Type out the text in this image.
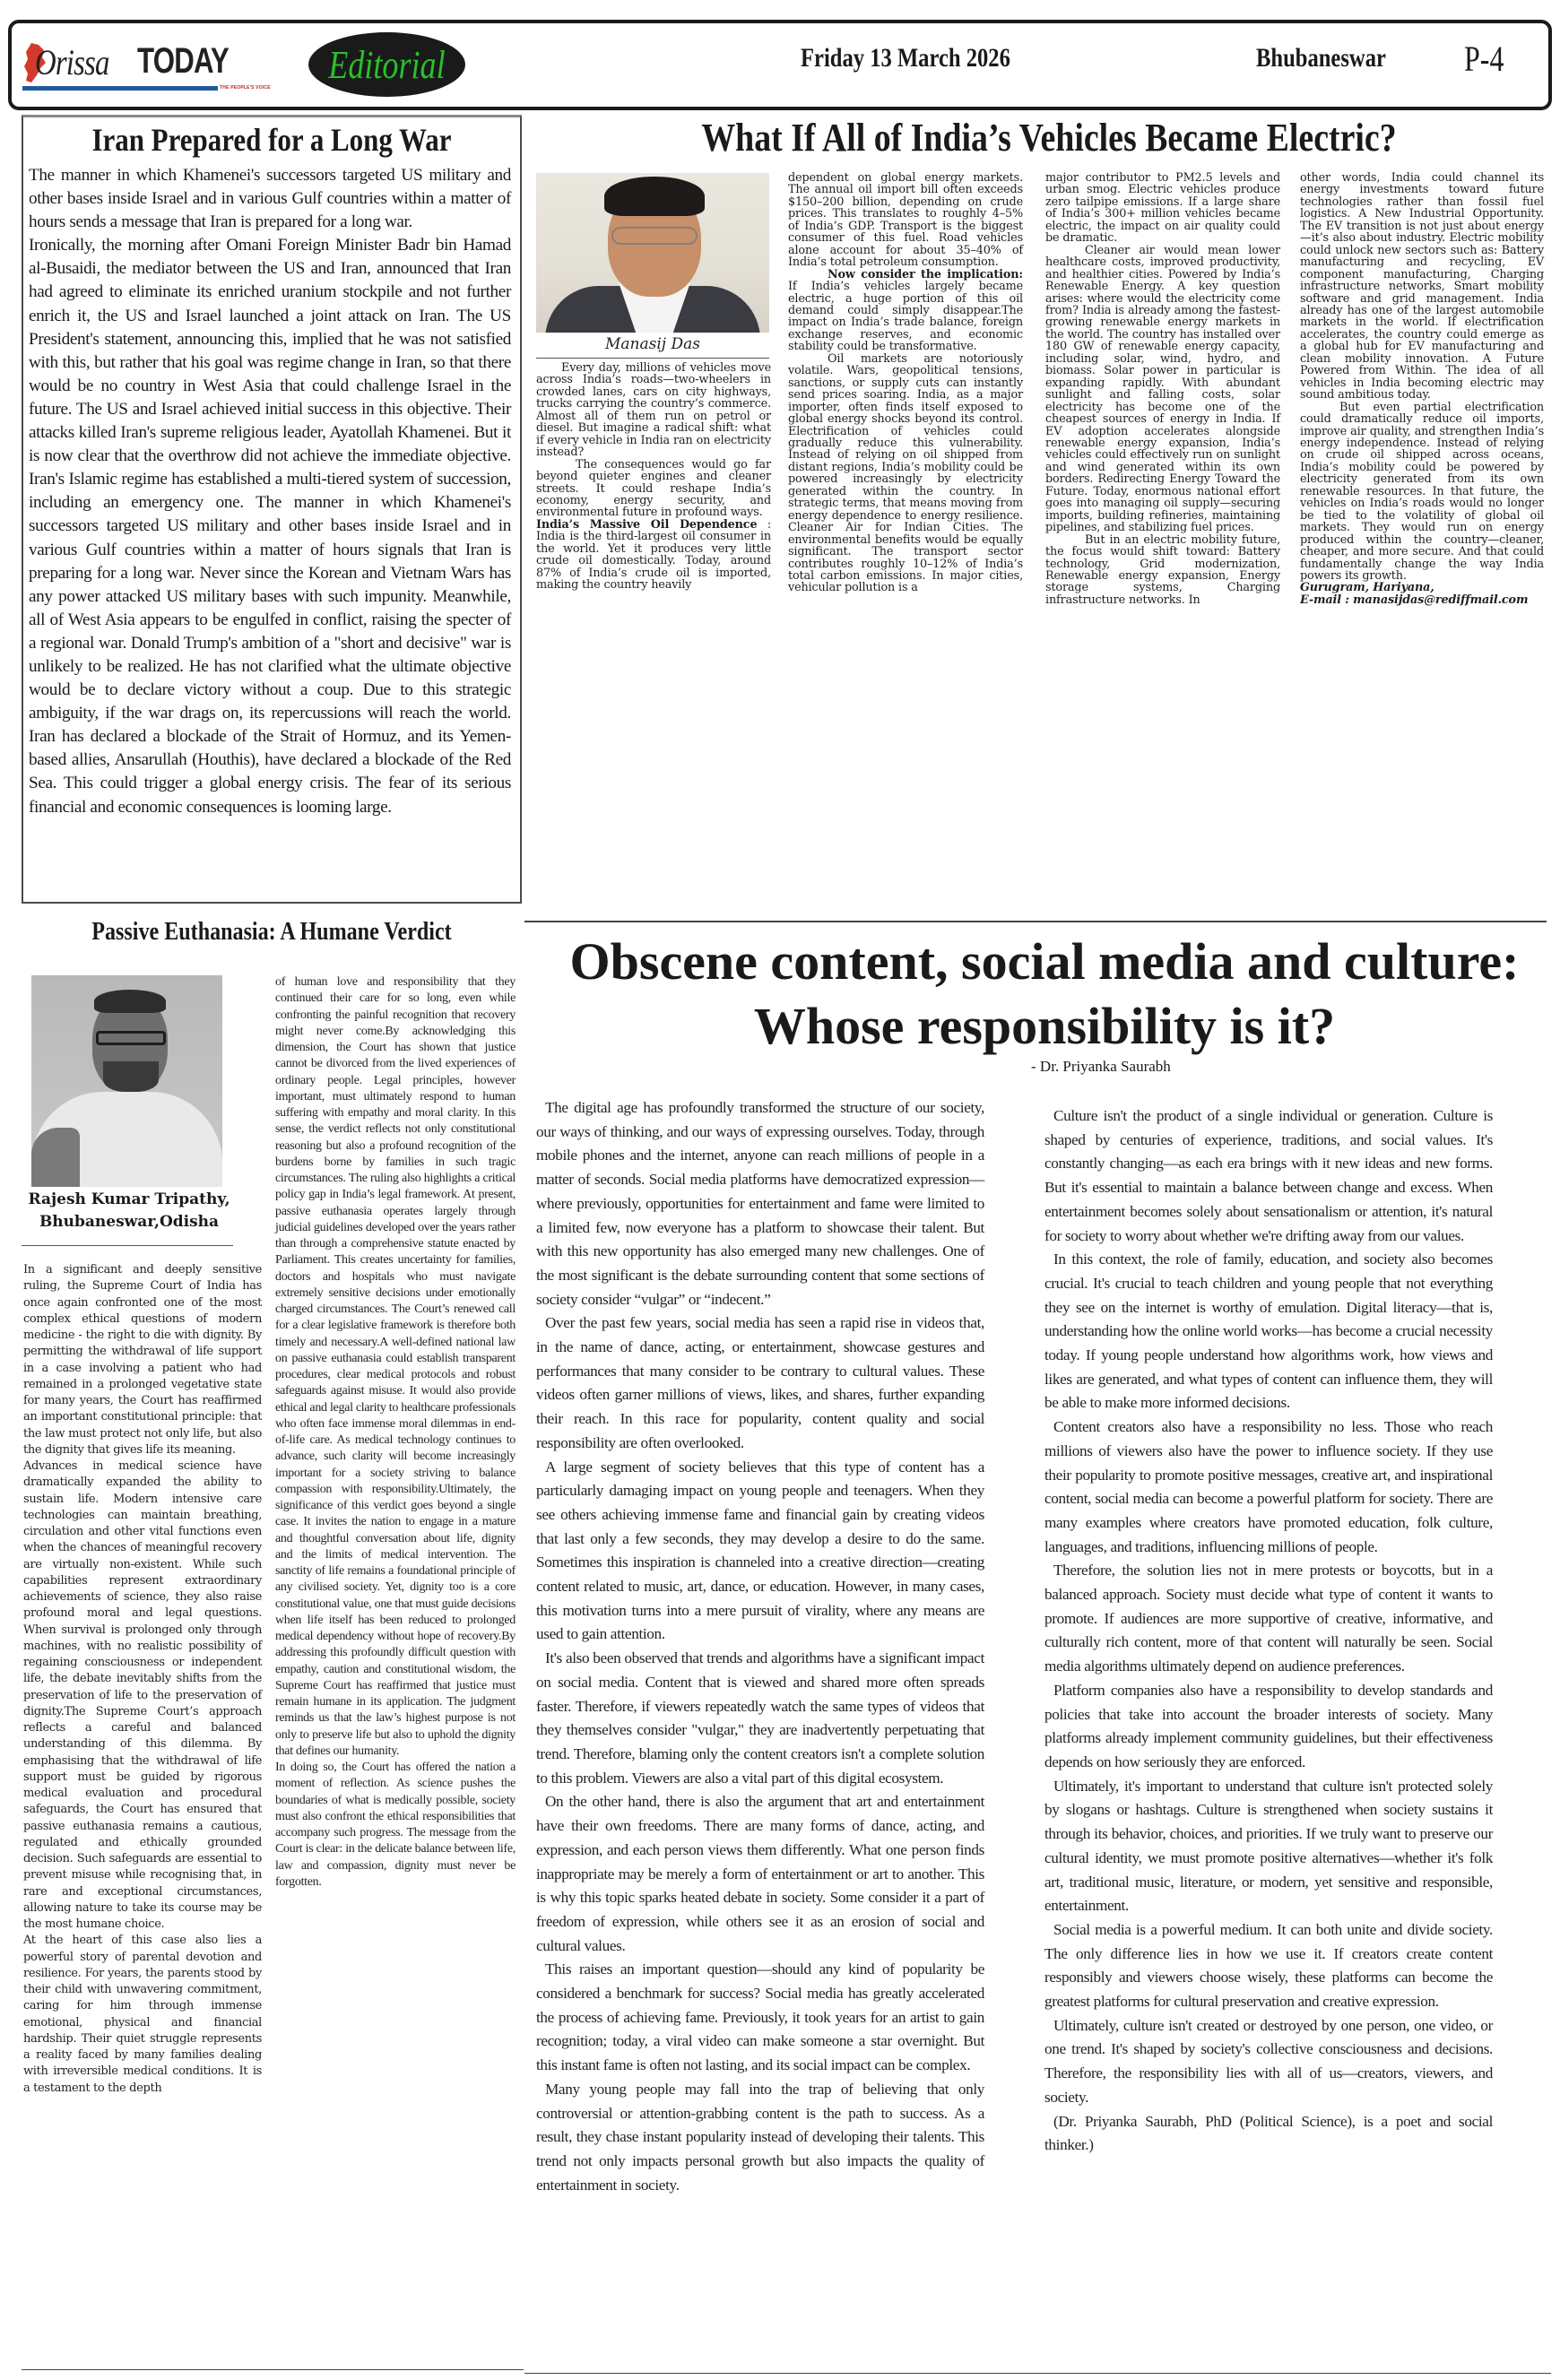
Orissa TODAY
THE PEOPLE'S VOICE
Editorial	Friday 13 March 2026	Bhubaneswar P-4
Iran Prepared for a Long War

The manner in which Khamenei's successors targeted US military and other bases inside Israel and in various Gulf countries within a matter of hours sends a message that Iran is prepared for a long war.

Ironically, the morning after Omani Foreign Minister Badr bin Hamad al-Busaidi, the mediator between the US and Iran, announced that Iran had agreed to eliminate its enriched uranium stockpile and not further enrich it, the US and Israel launched a joint attack on Iran. The US President's statement, announcing this, implied that he was not satisfied with this, but rather that his goal was regime change in Iran, so that there would be no country in West Asia that could challenge Israel in the future. The US and Israel achieved initial success in this objective. Their attacks killed Iran's supreme religious leader, Ayatollah Khamenei. But it is now clear that the overthrow did not achieve the immediate objective. Iran's Islamic regime has established a multi-tiered system of succession, including an emergency one. The manner in which Khamenei's successors targeted US military and other bases inside Israel and in various Gulf countries within a matter of hours signals that Iran is preparing for a long war. Never since the Korean and Vietnam Wars has any power attacked US military bases with such impunity. Meanwhile, all of West Asia appears to be engulfed in conflict, raising the specter of a regional war. Donald Trump's ambition of a "short and decisive" war is unlikely to be realized. He has not clarified what the ultimate objective would be to declare victory without a coup. Due to this strategic ambiguity, if the war drags on, its repercussions will reach the world. Iran has declared a blockade of the Strait of Hormuz, and its Yemen-based allies, Ansarullah (Houthis), have declared a blockade of the Red Sea. This could trigger a global energy crisis. The fear of its serious financial and economic consequences is looming large.

What If All of India’s Vehicles Became Electric?
Manasij Das

Every day, millions of vehicles move across India’s roads—two-wheelers in crowded lanes, cars on city highways, trucks carrying the country’s commerce. Almost all of them run on petrol or diesel. But imagine a radical shift: what if every vehicle in India ran on electricity instead?

The consequences would go far beyond quieter engines and cleaner streets. It could reshape India’s economy, energy security, and environmental future in profound ways.

India’s Massive Oil Dependence : India is the third-largest oil consumer in the world. Yet it produces very little crude oil domestically. Today, around 87% of India’s crude oil is imported, making the country heavily

dependent on global energy markets. The annual oil import bill often exceeds $150–200 billion, depending on crude prices. This translates to roughly 4–5% of India’s GDP. Transport is the biggest consumer of this fuel. Road vehicles alone account for about 35–40% of India’s total petroleum consumption.

Now consider the implication: If India’s vehicles largely became electric, a huge portion of this oil demand could simply disappear.The impact on India’s trade balance, foreign exchange reserves, and economic stability could be transformative.

Oil markets are notoriously volatile. Wars, geopolitical tensions, sanctions, or supply cuts can instantly send prices soaring. India, as a major importer, often finds itself exposed to global energy shocks beyond its control. Electrification of vehicles could gradually reduce this vulnerability. Instead of relying on oil shipped from distant regions, India’s mobility could be powered increasingly by electricity generated within the country. In strategic terms, that means moving from energy dependence to energy resilience. Cleaner Air for Indian Cities. The environmental benefits would be equally significant. The transport sector contributes roughly 10–12% of India’s total carbon emissions. In major cities, vehicular pollution is a

major contributor to PM2.5 levels and urban smog. Electric vehicles produce zero tailpipe emissions. If a large share of India’s 300+ million vehicles became electric, the impact on air quality could be dramatic.

Cleaner air would mean lower healthcare costs, improved productivity, and healthier cities. Powered by India’s Renewable Energy. A key question arises: where would the electricity come from? India is already among the fastest-growing renewable energy markets in the world. The country has installed over 180 GW of renewable energy capacity, including solar, wind, hydro, and biomass. Solar power in particular is expanding rapidly. With abundant sunlight and falling costs, solar electricity has become one of the cheapest sources of energy in India. If EV adoption accelerates alongside renewable energy expansion, India’s vehicles could effectively run on sunlight and wind generated within its own borders. Redirecting Energy Toward the Future. Today, enormous national effort goes into managing oil supply—securing imports, building refineries, maintaining pipelines, and stabilizing fuel prices.

But in an electric mobility future, the focus would shift toward: Battery technology, Grid modernization, Renewable energy expansion, Energy storage systems, Charging infrastructure networks. In

other words, India could channel its energy investments toward future technologies rather than fossil fuel logistics. A New Industrial Opportunity. The EV transition is not just about energy—it’s also about industry. Electric mobility could unlock new sectors such as: Battery manufacturing and recycling, EV component manufacturing, Charging infrastructure networks, Smart mobility software and grid management. India already has one of the largest automobile markets in the world. If electrification accelerates, the country could emerge as a global hub for EV manufacturing and clean mobility innovation. A Future Powered from Within. The idea of all vehicles in India becoming electric may sound ambitious today.

But even partial electrification could dramatically reduce oil imports, improve air quality, and strengthen India’s energy independence. Instead of relying on crude oil shipped across oceans, India’s mobility could be powered by electricity generated from its own renewable resources. In that future, the vehicles on India’s roads would no longer be tied to the volatility of global oil markets. They would run on energy produced within the country—cleaner, cheaper, and more secure. And that could fundamentally change the way India powers its growth.

Gurugram, Hariyana,

E-mail : manasijdas@rediffmail.com

Passive Euthanasia: A Humane Verdict
Rajesh Kumar Tripathy,
Bhubaneswar,Odisha

In a significant and deeply sensitive ruling, the Supreme Court of India has once again confronted one of the most complex ethical questions of modern medicine - the right to die with dignity. By permitting the withdrawal of life support in a case involving a patient who had remained in a prolonged vegetative state for many years, the Court has reaffirmed an important constitutional principle: that the law must protect not only life, but also the dignity that gives life its meaning.

Advances in medical science have dramatically expanded the ability to sustain life. Modern intensive care technologies can maintain breathing, circulation and other vital functions even when the chances of meaningful recovery are virtually non-existent. While such capabilities represent extraordinary achievements of science, they also raise profound moral and legal questions. When survival is prolonged only through machines, with no realistic possibility of regaining consciousness or independent life, the debate inevitably shifts from the preservation of life to the preservation of dignity.The Supreme Court’s approach reflects a careful and balanced understanding of this dilemma. By emphasising that the withdrawal of life support must be guided by rigorous medical evaluation and procedural safeguards, the Court has ensured that passive euthanasia remains a cautious, regulated and ethically grounded decision. Such safeguards are essential to prevent misuse while recognising that, in rare and exceptional circumstances, allowing nature to take its course may be the most humane choice.

At the heart of this case also lies a powerful story of parental devotion and resilience. For years, the parents stood by their child with unwavering commitment, caring for him through immense emotional, physical and financial hardship. Their quiet struggle represents a reality faced by many families dealing with irreversible medical conditions. It is a testament to the depth

of human love and responsibility that they continued their care for so long, even while confronting the painful recognition that recovery might never come.By acknowledging this dimension, the Court has shown that justice cannot be divorced from the lived experiences of ordinary people. Legal principles, however important, must ultimately respond to human suffering with empathy and moral clarity. In this sense, the verdict reflects not only constitutional reasoning but also a profound recognition of the burdens borne by families in such tragic circumstances. The ruling also highlights a critical policy gap in India’s legal framework. At present, passive euthanasia operates largely through judicial guidelines developed over the years rather than through a comprehensive statute enacted by Parliament. This creates uncertainty for families, doctors and hospitals who must navigate extremely sensitive decisions under emotionally charged circumstances. The Court’s renewed call for a clear legislative framework is therefore both timely and necessary.A well-defined national law on passive euthanasia could establish transparent procedures, clear medical protocols and robust safeguards against misuse. It would also provide ethical and legal clarity to healthcare professionals who often face immense moral dilemmas in end-of-life care. As medical technology continues to advance, such clarity will become increasingly important for a society striving to balance compassion with responsibility.Ultimately, the significance of this verdict goes beyond a single case. It invites the nation to engage in a mature and thoughtful conversation about life, dignity and the limits of medical intervention. The sanctity of life remains a foundational principle of any civilised society. Yet, dignity too is a core constitutional value, one that must guide decisions when life itself has been reduced to prolonged medical dependency without hope of recovery.By addressing this profoundly difficult question with empathy, caution and constitutional wisdom, the Supreme Court has reaffirmed that justice must remain humane in its application. The judgment reminds us that the law’s highest purpose is not only to preserve life but also to uphold the dignity that defines our humanity.

In doing so, the Court has offered the nation a moment of reflection. As science pushes the boundaries of what is medically possible, society must also confront the ethical responsibilities that accompany such progress. The message from the Court is clear: in the delicate balance between life, law and compassion, dignity must never be forgotten.

Obscene content, social media and culture: Whose responsibility is it?
- Dr. Priyanka Saurabh

The digital age has profoundly transformed the structure of our society, our ways of thinking, and our ways of expressing ourselves. Today, through mobile phones and the internet, anyone can reach millions of people in a matter of seconds. Social media platforms have democratized expression—where previously, opportunities for entertainment and fame were limited to a limited few, now everyone has a platform to showcase their talent. But with this new opportunity has also emerged many new challenges. One of the most significant is the debate surrounding content that some sections of society consider “vulgar” or “indecent.”

Over the past few years, social media has seen a rapid rise in videos that, in the name of dance, acting, or entertainment, showcase gestures and performances that many consider to be contrary to cultural values. These videos often garner millions of views, likes, and shares, further expanding their reach. In this race for popularity, content quality and social responsibility are often overlooked.

A large segment of society believes that this type of content has a particularly damaging impact on young people and teenagers. When they see others achieving immense fame and financial gain by creating videos that last only a few seconds, they may develop a desire to do the same. Sometimes this inspiration is channeled into a creative direction—creating content related to music, art, dance, or education. However, in many cases, this motivation turns into a mere pursuit of virality, where any means are used to gain attention.

It's also been observed that trends and algorithms have a significant impact on social media. Content that is viewed and shared more often spreads faster. Therefore, if viewers repeatedly watch the same types of videos that they themselves consider "vulgar," they are inadvertently perpetuating that trend. Therefore, blaming only the content creators isn't a complete solution to this problem. Viewers are also a vital part of this digital ecosystem.

On the other hand, there is also the argument that art and entertainment have their own freedoms. There are many forms of dance, acting, and expression, and each person views them differently. What one person finds inappropriate may be merely a form of entertainment or art to another. This is why this topic sparks heated debate in society. Some consider it a part of freedom of expression, while others see it as an erosion of social and cultural values.

This raises an important question—should any kind of popularity be considered a benchmark for success? Social media has greatly accelerated the process of achieving fame. Previously, it took years for an artist to gain recognition; today, a viral video can make someone a star overnight. But this instant fame is often not lasting, and its social impact can be complex.

Many young people may fall into the trap of believing that only controversial or attention-grabbing content is the path to success. As a result, they chase instant popularity instead of developing their talents. This trend not only impacts personal growth but also impacts the quality of entertainment in society.

Culture isn't the product of a single individual or generation. Culture is shaped by centuries of experience, traditions, and social values. It's constantly changing—as each era brings with it new ideas and new forms. But it's essential to maintain a balance between change and excess. When entertainment becomes solely about sensationalism or attention, it's natural for society to worry about whether we're drifting away from our values.

In this context, the role of family, education, and society also becomes crucial. It's crucial to teach children and young people that not everything they see on the internet is worthy of emulation. Digital literacy—that is, understanding how the online world works—has become a crucial necessity today. If young people understand how algorithms work, how views and likes are generated, and what types of content can influence them, they will be able to make more informed decisions.

Content creators also have a responsibility no less. Those who reach millions of viewers also have the power to influence society. If they use their popularity to promote positive messages, creative art, and inspirational content, social media can become a powerful platform for society. There are many examples where creators have promoted education, folk culture, languages, and traditions, influencing millions of people.

Therefore, the solution lies not in mere protests or boycotts, but in a balanced approach. Society must decide what type of content it wants to promote. If audiences are more supportive of creative, informative, and culturally rich content, more of that content will naturally be seen. Social media algorithms ultimately depend on audience preferences.

Platform companies also have a responsibility to develop standards and policies that take into account the broader interests of society. Many platforms already implement community guidelines, but their effectiveness depends on how seriously they are enforced.

Ultimately, it's important to understand that culture isn't protected solely by slogans or hashtags. Culture is strengthened when society sustains it through its behavior, choices, and priorities. If we truly want to preserve our cultural identity, we must promote positive alternatives—whether it's folk art, traditional music, literature, or modern, yet sensitive and responsible, entertainment.

Social media is a powerful medium. It can both unite and divide society. The only difference lies in how we use it. If creators create content responsibly and viewers choose wisely, these platforms can become the greatest platforms for cultural preservation and creative expression.

Ultimately, culture isn't created or destroyed by one person, one video, or one trend. It's shaped by society's collective consciousness and decisions. Therefore, the responsibility lies with all of us—creators, viewers, and society.

(Dr. Priyanka Saurabh, PhD (Political Science), is a poet and social thinker.)
